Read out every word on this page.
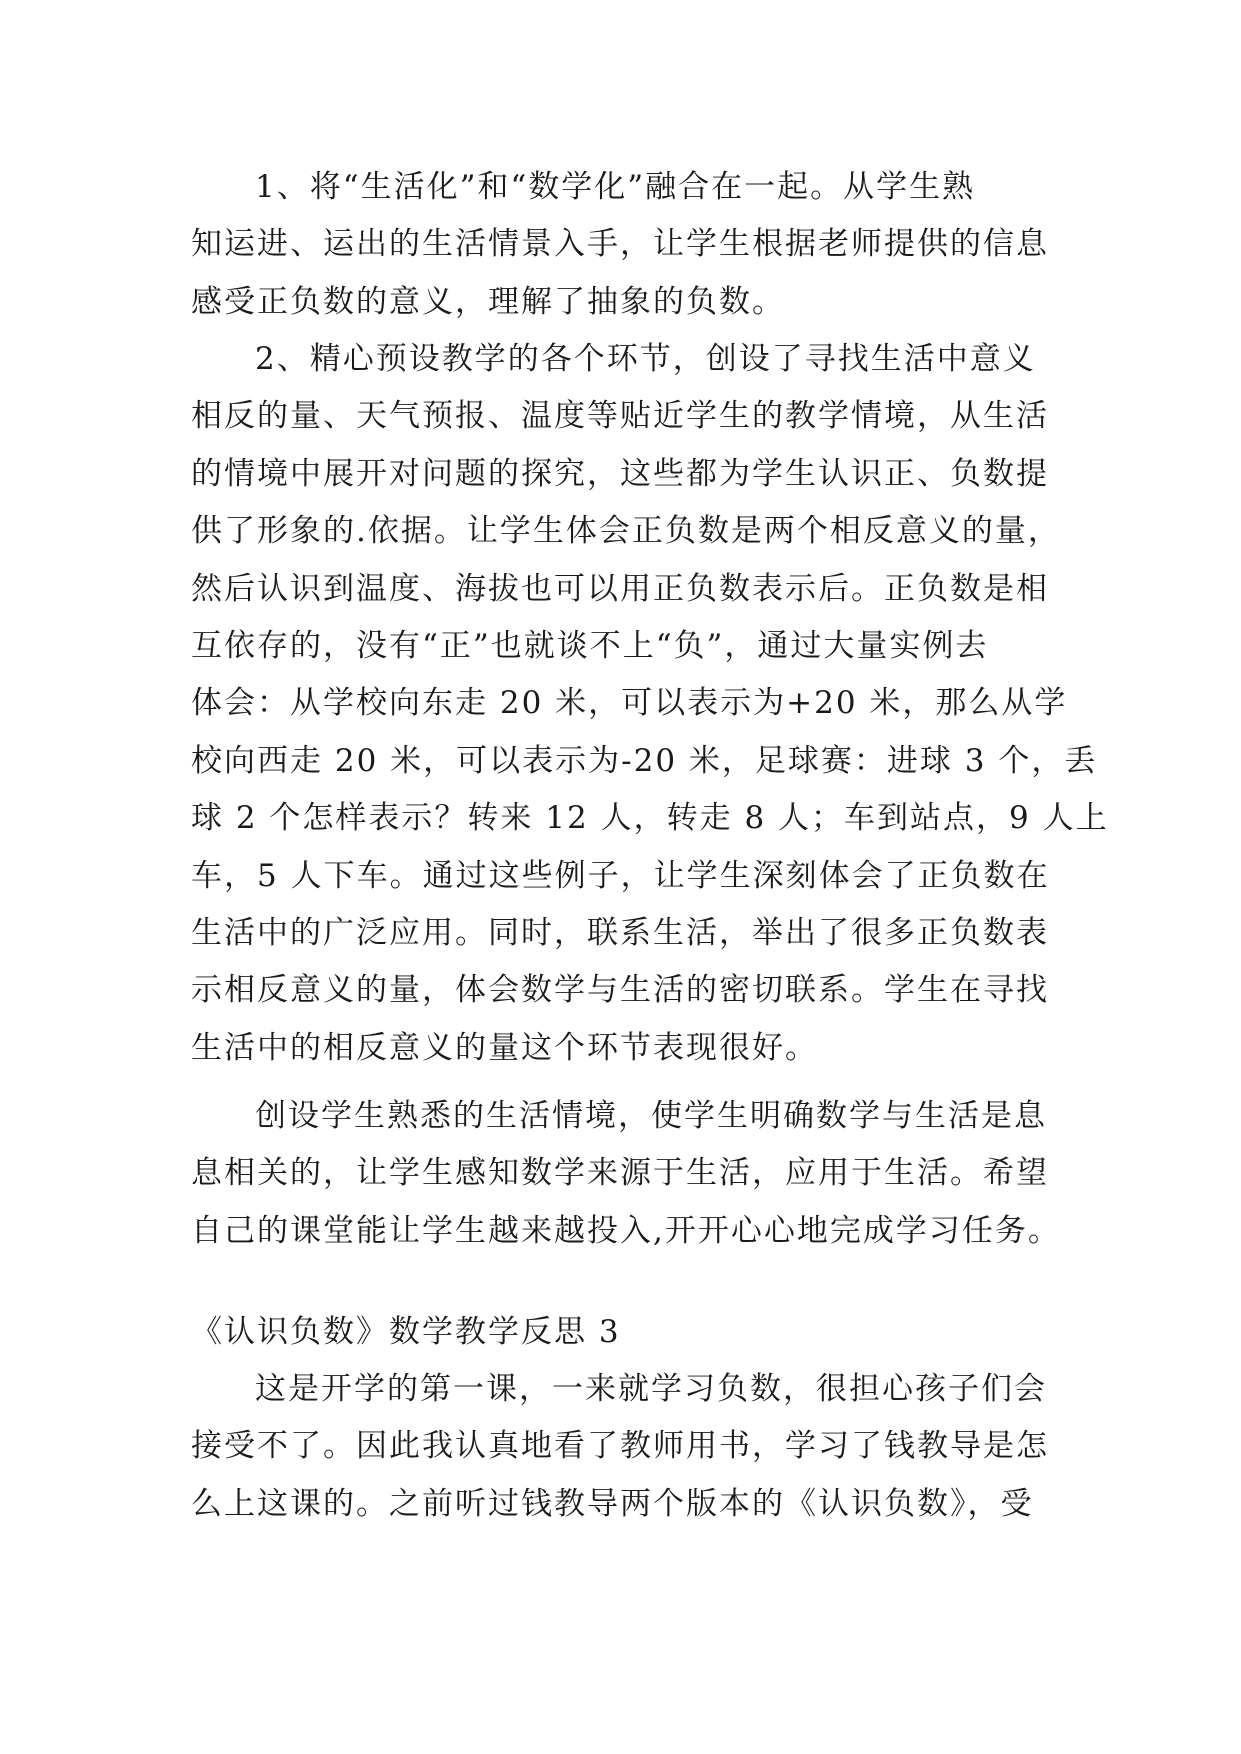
1、将“生活化”和“数学化”融合在一起。从学生熟
知运进、运出的生活情景入手，让学生根据老师提供的信息
感受正负数的意义，理解了抽象的负数。
2、精心预设教学的各个环节，创设了寻找生活中意义
相反的量、天气预报、温度等贴近学生的教学情境，从生活
的情境中展开对问题的探究，这些都为学生认识正、负数提
供了形象的.依据。让学生体会正负数是两个相反意义的量，
然后认识到温度、海拔也可以用正负数表示后。正负数是相
互依存的，没有“正”也就谈不上“负”，通过大量实例去
体会：从学校向东走 20 米，可以表示为+20 米，那么从学
校向西走 20 米，可以表示为-20 米，足球赛：进球 3 个，丢
球 2 个怎样表示？转来 12 人，转走 8 人；车到站点，9 人上
车，5 人下车。通过这些例子，让学生深刻体会了正负数在
生活中的广泛应用。同时，联系生活，举出了很多正负数表
示相反意义的量，体会数学与生活的密切联系。学生在寻找
生活中的相反意义的量这个环节表现很好。
创设学生熟悉的生活情境，使学生明确数学与生活是息
息相关的，让学生感知数学来源于生活，应用于生活。希望
自己的课堂能让学生越来越投入,开开心心地完成学习任务。
《认识负数》数学教学反思 3
这是开学的第一课，一来就学习负数，很担心孩子们会
接受不了。因此我认真地看了教师用书，学习了钱教导是怎
么上这课的。之前听过钱教导两个版本的《认识负数》，受
